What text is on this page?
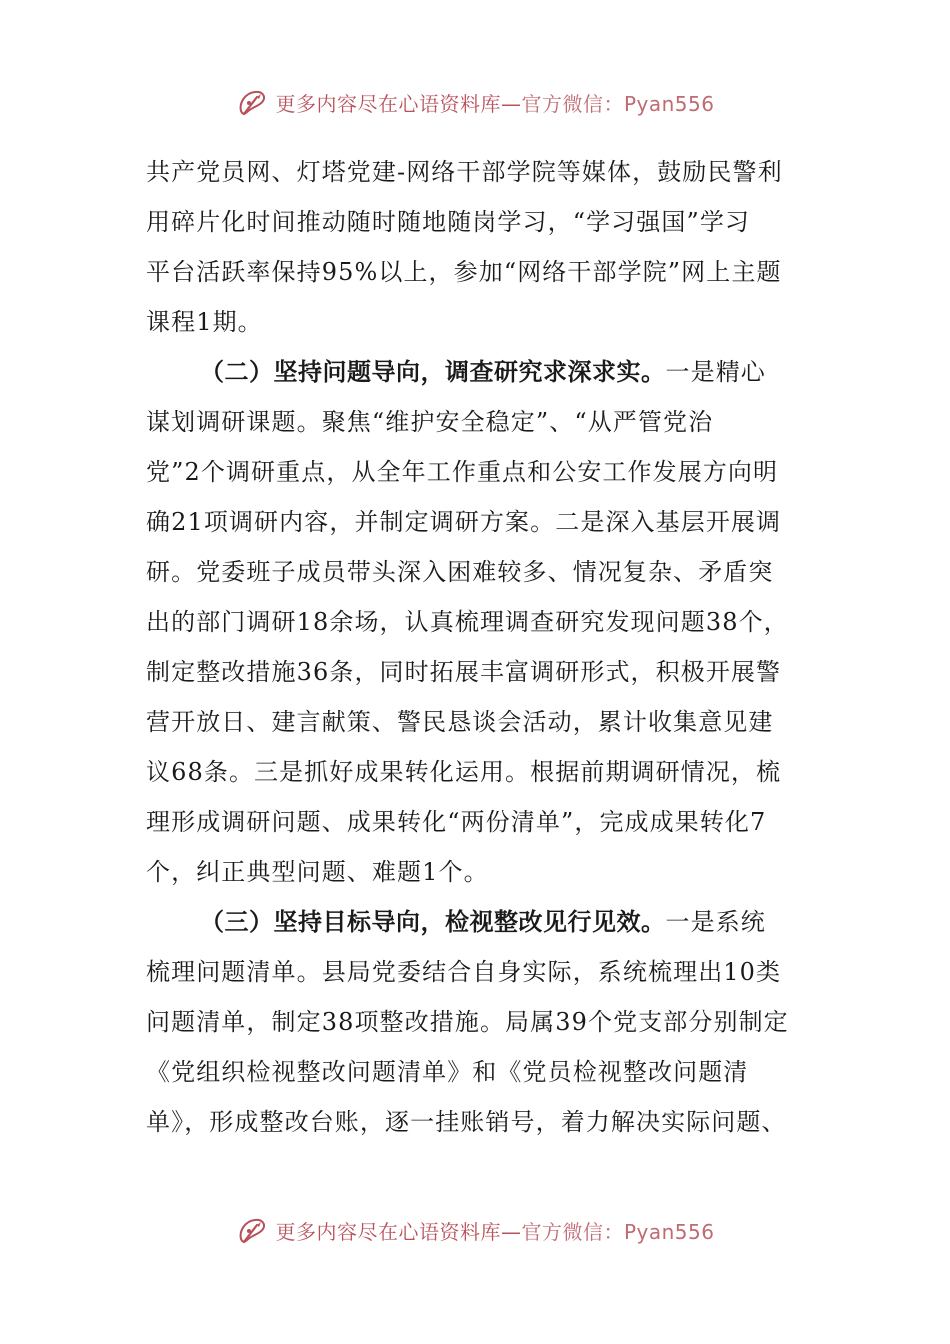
更多内容尽在心语资料库—官方微信：Pyan556
共产党员网、灯塔党建-网络干部学院等媒体，鼓励民警利
用碎片化时间推动随时随地随岗学习，“学习强国”学习
平台活跃率保持95%以上，参加“网络干部学院”网上主题
课程1期。
（二）坚持问题导向，调查研究求深求实。一是精心
谋划调研课题。聚焦“维护安全稳定”、“从严管党治
党”2个调研重点，从全年工作重点和公安工作发展方向明
确21项调研内容，并制定调研方案。二是深入基层开展调
研。党委班子成员带头深入困难较多、情况复杂、矛盾突
出的部门调研18余场，认真梳理调查研究发现问题38个，
制定整改措施36条，同时拓展丰富调研形式，积极开展警
营开放日、建言献策、警民恳谈会活动，累计收集意见建
议68条。三是抓好成果转化运用。根据前期调研情况，梳
理形成调研问题、成果转化“两份清单”，完成成果转化7
个，纠正典型问题、难题1个。
（三）坚持目标导向，检视整改见行见效。一是系统
梳理问题清单。县局党委结合自身实际，系统梳理出10类
问题清单，制定38项整改措施。局属39个党支部分别制定
《党组织检视整改问题清单》和《党员检视整改问题清
单》，形成整改台账，逐一挂账销号，着力解决实际问题、
更多内容尽在心语资料库—官方微信：Pyan556
